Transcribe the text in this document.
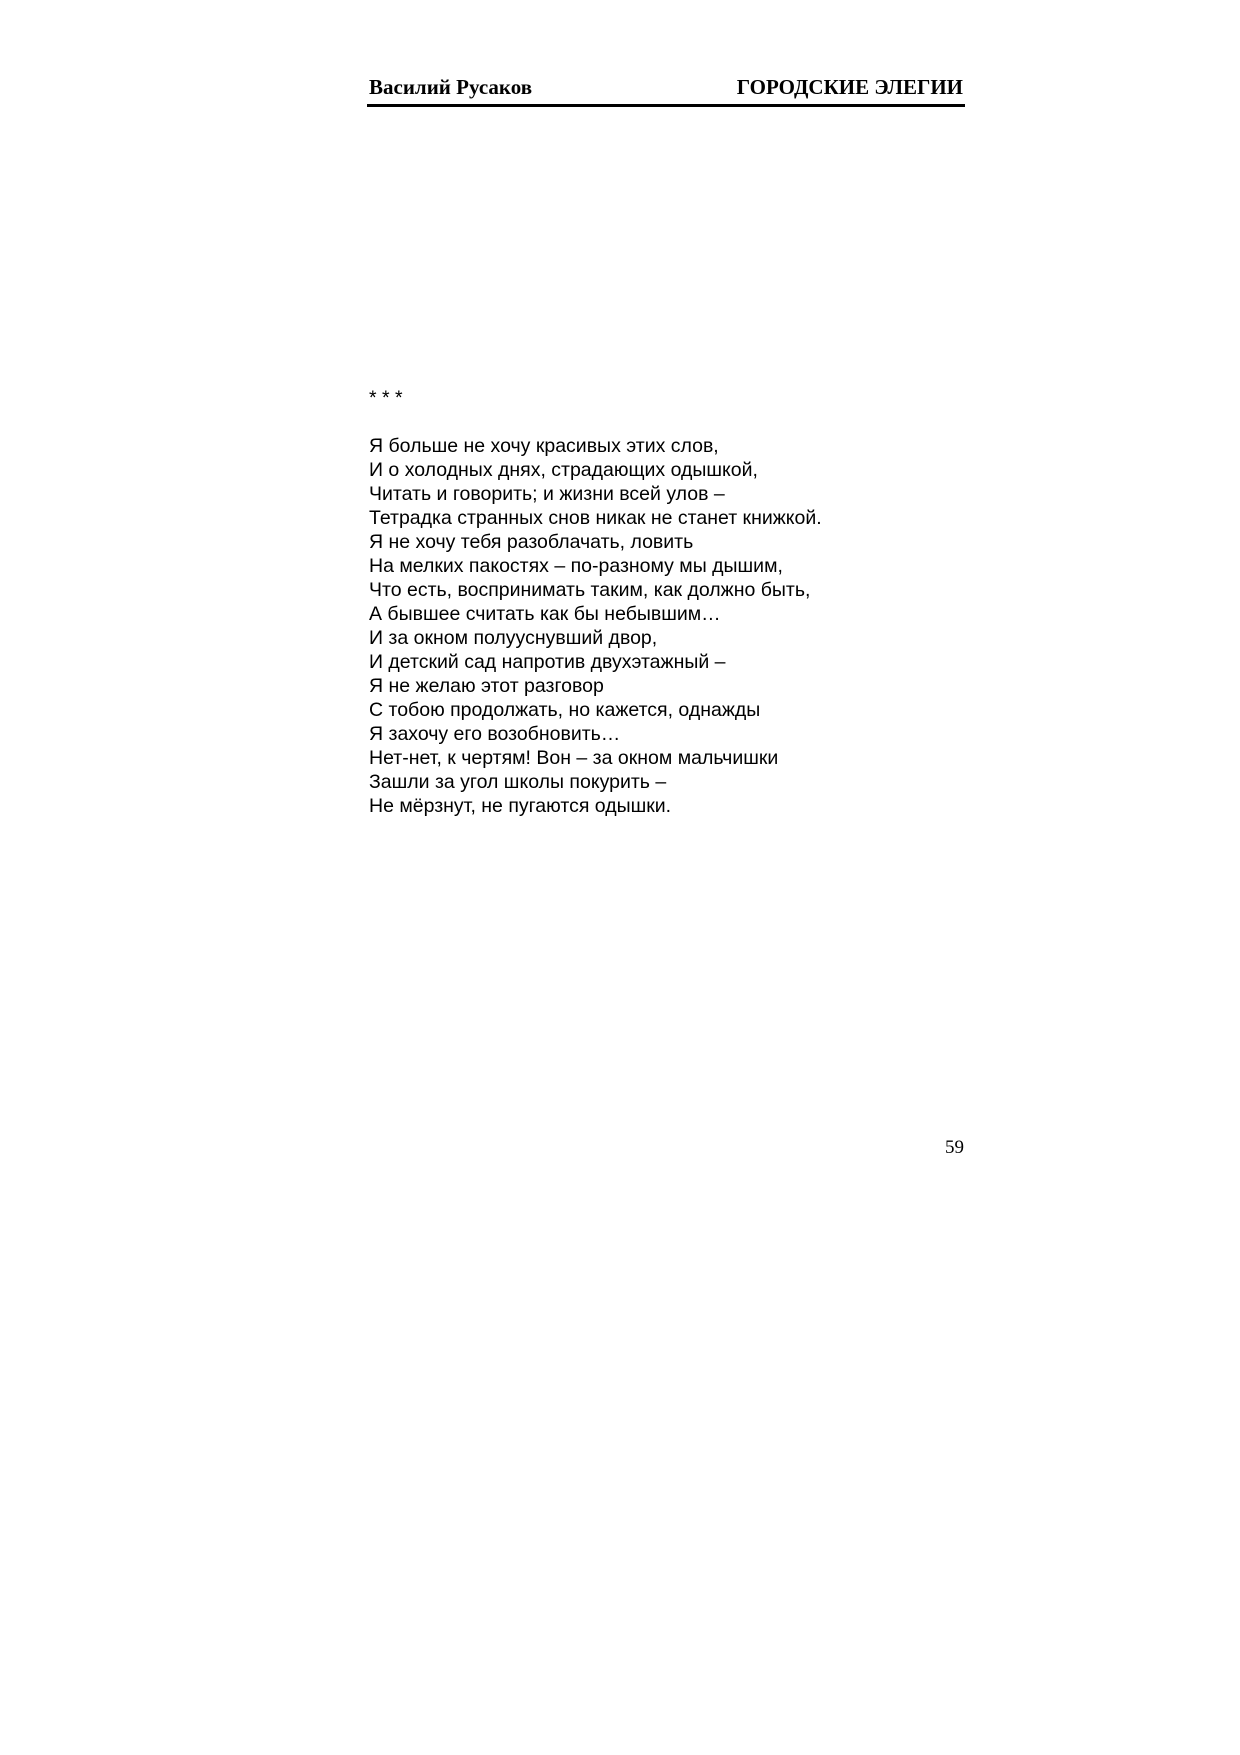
Василий Русаков	ГОРОДСКИЕ ЭЛЕГИИ
* * *
Я больше не хочу красивых этих слов,
И о холодных днях, страдающих одышкой,
Читать и говорить; и жизни всей улов –
Тетрадка странных снов никак не станет книжкой.
Я не хочу тебя разоблачать, ловить
На мелких пакостях – по-разному мы дышим,
Что есть, воспринимать таким, как должно быть,
А бывшее считать как бы небывшим…
И за окном полууснувший двор,
И детский сад напротив двухэтажный –
Я не желаю этот разговор
С тобою продолжать, но кажется, однажды
Я захочу его возобновить…
Нет-нет, к чертям! Вон – за окном мальчишки
Зашли за угол школы покурить –
Не мёрзнут, не пугаются одышки.
59
